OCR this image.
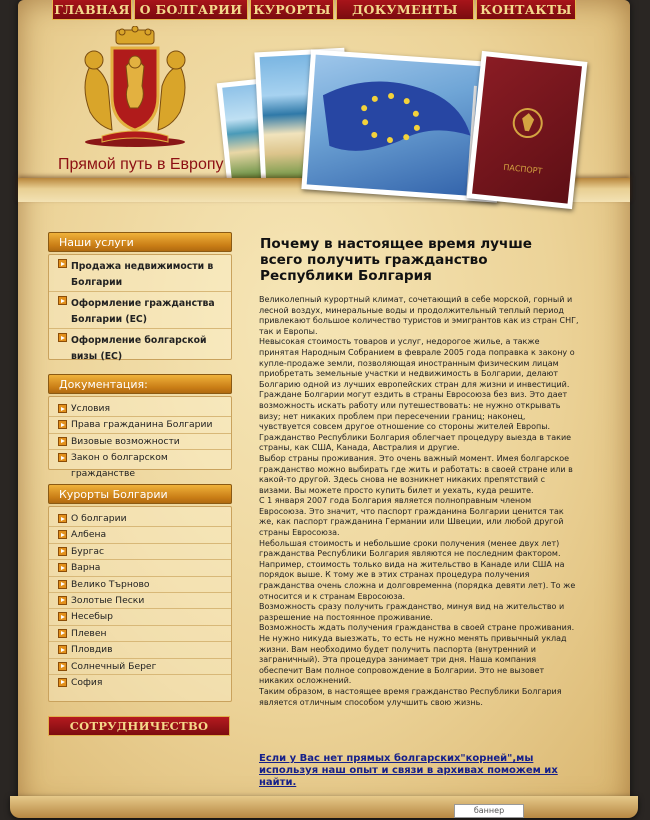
ГЛАВНАЯ О БОЛГАРИИ КУРОРТЫ	ДОКУМЕНТЫ	КОНТАКТЫ
Прямой путь в Европу	ПАСПОРТ
Наши услуги
Продажа недвижимости в Болгарии
Оформление гражданства Болгарии (ЕС)
Оформление болгарской визы (ЕС)
Документация:
Условия
Права гражданина Болгарии
Визовые возможности
Закон о болгарском гражданстве
Курорты Болгарии
О болгарии
Албена
Бургас
Варна
Велико Търново
Золотые Пески
Несебыр
Плевен
Пловдив
Солнечный Берег
София
СОТРУДНИЧЕСТВО
Почему в настоящее время лучше всего получить гражданство Республики Болгария

Великолепный курортный климат, сочетающий в себе морской, горный и лесной воздух, минеральные воды и продолжительный теплый период привлекают большое количество туристов и эмигрантов как из стран СНГ, так и Европы.

Невысокая стоимость товаров и услуг, недорогое жилье, а также принятая Народным Собранием в феврале 2005 года поправка к закону о купле-продаже земли, позволяющая иностранным физическим лицам приобретать земельные участки и недвижимость в Болгарии, делают Болгарию одной из лучших европейских стран для жизни и инвестиций.

Граждане Болгарии могут ездить в страны Евросоюза без виз. Это дает возможность искать работу или путешествовать: не нужно открывать визу; нет никаких проблем при пересечении границ; наконец, чувствуется совсем другое отношение со стороны жителей Европы.

Гражданство Республики Болгария облегчает процедуру выезда в такие страны, как США, Канада, Австралия и другие.

Выбор страны проживания. Это очень важный момент. Имея болгарское гражданство можно выбирать где жить и работать: в своей стране или в какой-то другой. Здесь снова не возникнет никаких препятствий с визами. Вы можете просто купить билет и уехать, куда решите.

С 1 января 2007 года Болгария является полноправным членом Евросоюза. Это значит, что паспорт гражданина Болгарии ценится так же, как паспорт гражданина Германии или Швеции, или любой другой страны Евросоюза.

Небольшая стоимость и небольшие сроки получения (менее двух лет) гражданства Республики Болгария являются не последним фактором. Например, стоимость только вида на жительство в Канаде или США на порядок выше. К тому же в этих странах процедура получения гражданства очень сложна и долговременна (порядка девяти лет). То же относится и к странам Евросоюза.

Возможность сразу получить гражданство, минуя вид на жительство и разрешение на постоянное проживание.

Возможность ждать получения гражданства в своей стране проживания. Не нужно никуда выезжать, то есть не нужно менять привычный уклад жизни. Вам необходимо будет получить паспорта (внутренний и заграничный). Эта процедура занимает три дня. Наша компания обеспечит Вам полное сопровождение в Болгарии. Это не вызовет никаких осложнений.

Таким образом, в настоящее время гражданство Республики Болгария является отличным способом улучшить свою жизнь.

Если у Вас нет прямых болгарских"корней",мы используя наш опыт и связи в архивах поможем их найти.
баннер
